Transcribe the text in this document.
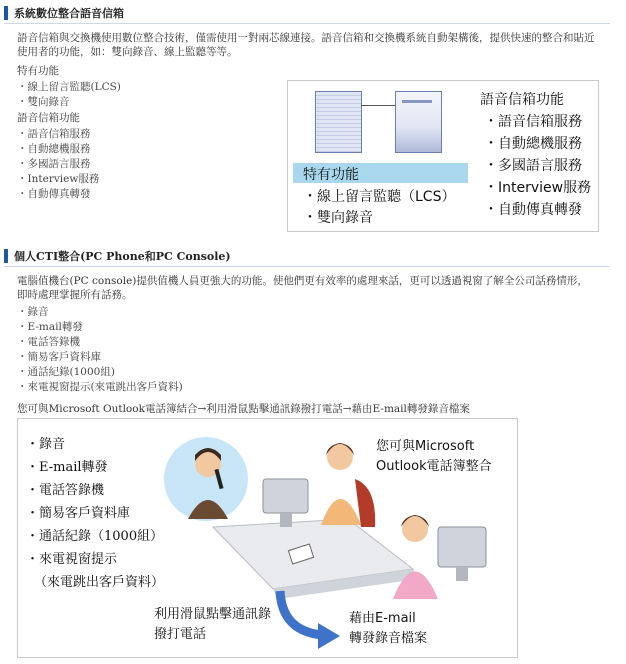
系統數位整合語音信箱
語音信箱與交換機使用數位整合技術，僅需使用一對兩芯線連接。語音信箱和交換機系統自動架構後，提供快速的整合和貼近使用者的功能，如：雙向錄音、線上監聽等等。
特有功能
・ 線上留言監聽(LCS)
・ 雙向錄音
語音信箱功能
・ 語音信箱服務
・ 自動總機服務
・ 多國語言服務
・ Interview服務
・ 自動傳真轉發
特有功能
・線上留言監聽（LCS）
・雙向錄音
語音信箱功能
・語音信箱服務
・自動總機服務
・多國語言服務
・Interview服務
・自動傳真轉發
個人CTI整合(PC Phone和PC Console)
電腦值機台(PC console)提供值機人員更強大的功能。使他們更有效率的處理來話，更可以透過視窗了解全公司話務情形，即時處理掌握所有話務。
・ 錄音
・ E-mail轉發
・ 電話答錄機
・ 簡易客戶資料庫
・ 通話紀錄(1000組)
・ 來電視窗提示(來電跳出客戶資料)
您可與Microsoft Outlook電話簿結合→利用滑鼠點擊通訊錄撥打電話→藉由E-mail轉發錄音檔案
・錄音
・E-mail轉發
・電話答錄機
・簡易客戶資料庫
・通話紀錄（1000組）
・來電視窗提示
（來電跳出客戶資料）
您可與Microsoft
Outlook電話簿整合
利用滑鼠點擊通訊錄
撥打電話
藉由E-mail
轉發錄音檔案
